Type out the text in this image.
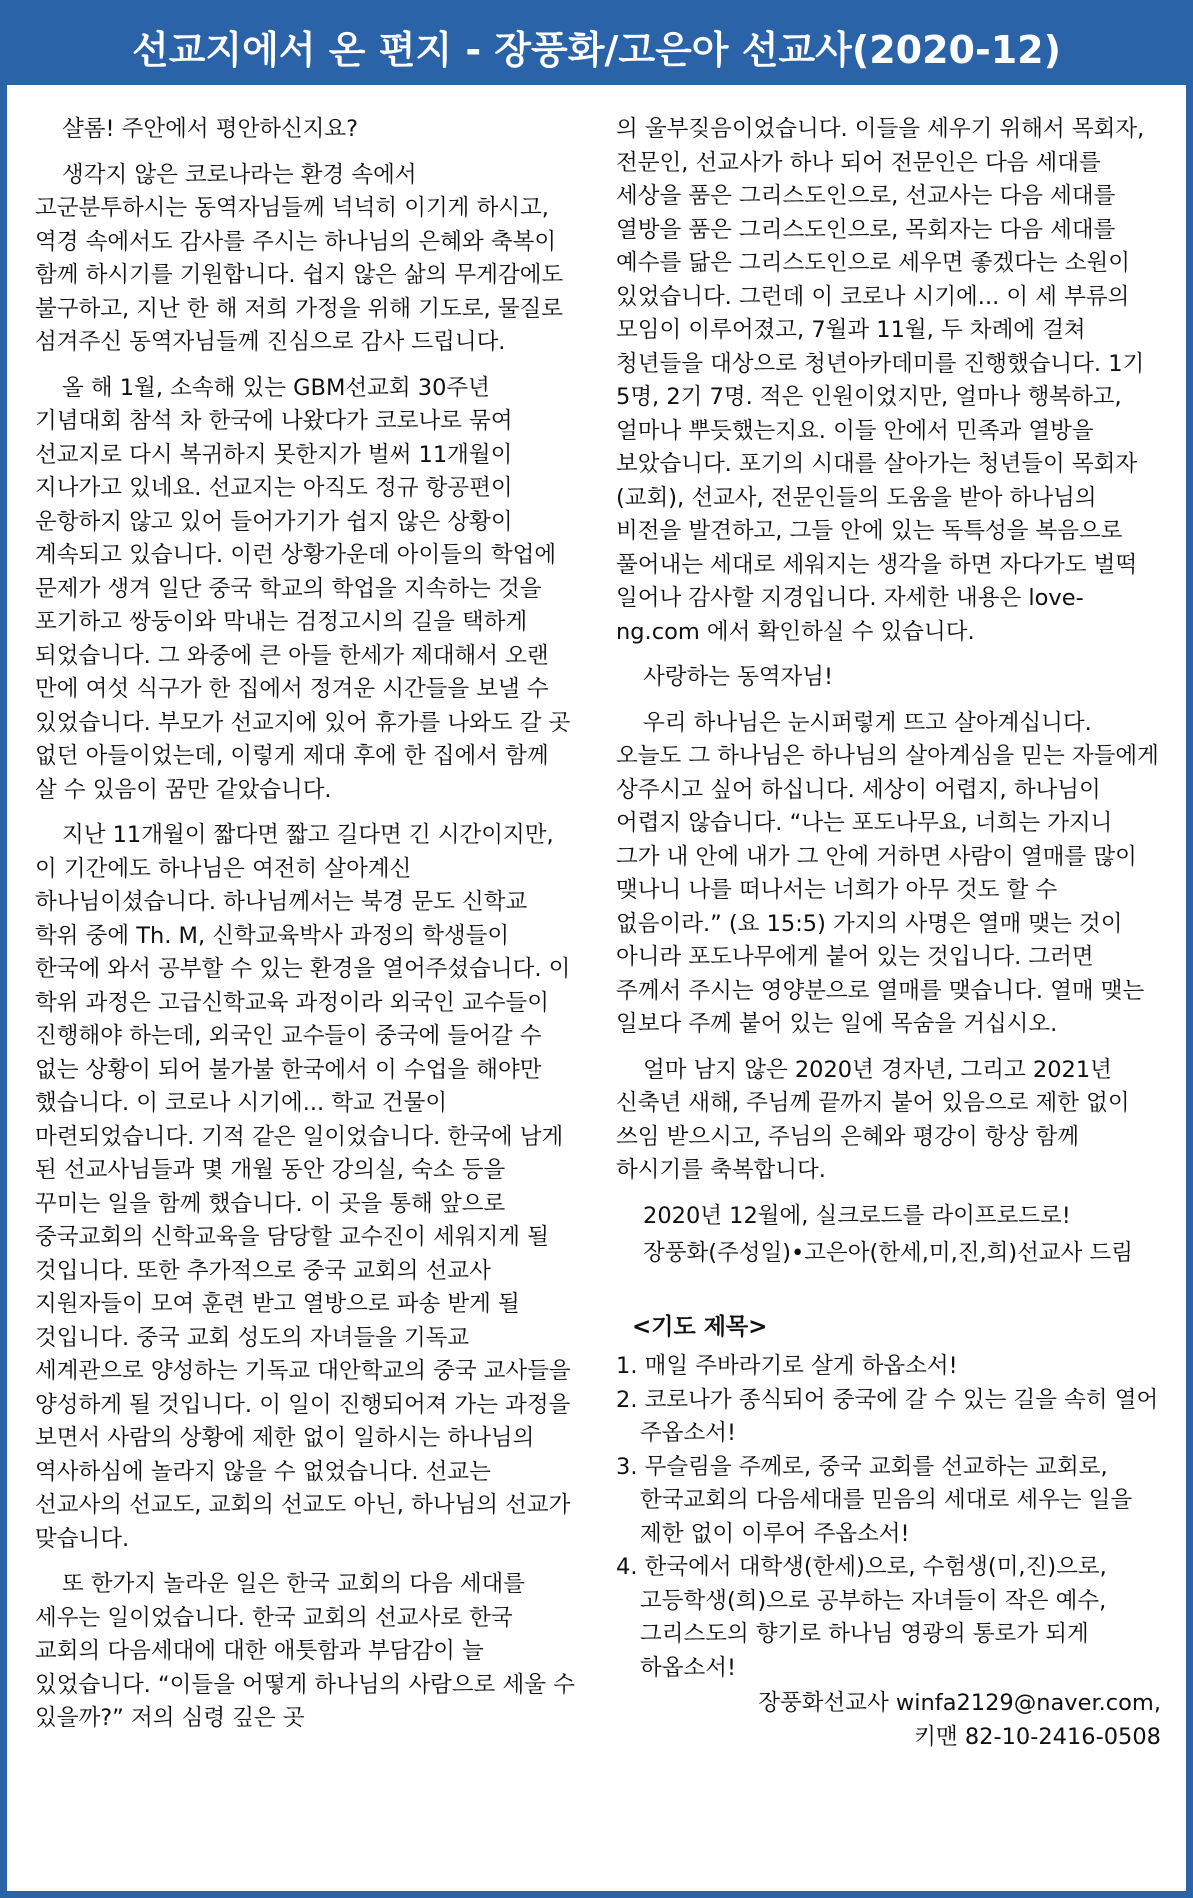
선교지에서 온 편지 - 장풍화/고은아 선교사(2020-12)

샬롬! 주안에서 평안하신지요?

생각지 않은 코로나라는 환경 속에서 고군분투하시는 동역자님들께 넉넉히 이기게 하시고, 역경 속에서도 감사를 주시는 하나님의 은혜와 축복이 함께 하시기를 기원합니다. 쉽지 않은 삶의 무게감에도 불구하고, 지난 한 해 저희 가정을 위해 기도로, 물질로 섬겨주신 동역자님들께 진심으로 감사 드립니다.

올 해 1월, 소속해 있는 GBM선교회 30주년 기념대회 참석 차 한국에 나왔다가 코로나로 묶여 선교지로 다시 복귀하지 못한지가 벌써 11개월이 지나가고 있네요. 선교지는 아직도 정규 항공편이 운항하지 않고 있어 들어가기가 쉽지 않은 상황이 계속되고 있습니다. 이런 상황가운데 아이들의 학업에 문제가 생겨 일단 중국 학교의 학업을 지속하는 것을 포기하고 쌍둥이와 막내는 검정고시의 길을 택하게 되었습니다. 그 와중에 큰 아들 한세가 제대해서 오랜 만에 여섯 식구가 한 집에서 정겨운 시간들을 보낼 수 있었습니다. 부모가 선교지에 있어 휴가를 나와도 갈 곳 없던 아들이었는데, 이렇게 제대 후에 한 집에서 함께 살 수 있음이 꿈만 같았습니다.

지난 11개월이 짧다면 짧고 길다면 긴 시간이지만, 이 기간에도 하나님은 여전히 살아계신 하나님이셨습니다. 하나님께서는 북경 문도 신학교 학위 중에 Th. M, 신학교육박사 과정의 학생들이 한국에 와서 공부할 수 있는 환경을 열어주셨습니다. 이 학위 과정은 고급신학교육 과정이라 외국인 교수들이 진행해야 하는데, 외국인 교수들이 중국에 들어갈 수 없는 상황이 되어 불가불 한국에서 이 수업을 해야만 했습니다. 이 코로나 시기에... 학교 건물이 마련되었습니다. 기적 같은 일이었습니다. 한국에 남게 된 선교사님들과 몇 개월 동안 강의실, 숙소 등을 꾸미는 일을 함께 했습니다. 이 곳을 통해 앞으로 중국교회의 신학교육을 담당할 교수진이 세워지게 될 것입니다. 또한 추가적으로 중국 교회의 선교사 지원자들이 모여 훈련 받고 열방으로 파송 받게 될 것입니다. 중국 교회 성도의 자녀들을 기독교 세계관으로 양성하는 기독교 대안학교의 중국 교사들을 양성하게 될 것입니다. 이 일이 진행되어져 가는 과정을 보면서 사람의 상황에 제한 없이 일하시는 하나님의 역사하심에 놀라지 않을 수 없었습니다. 선교는 선교사의 선교도, 교회의 선교도 아닌, 하나님의 선교가 맞습니다.

또 한가지 놀라운 일은 한국 교회의 다음 세대를 세우는 일이었습니다. 한국 교회의 선교사로 한국 교회의 다음세대에 대한 애틋함과 부담감이 늘 있었습니다. “이들을 어떻게 하나님의 사람으로 세울 수 있을까?” 저의 심령 깊은 곳

의 울부짖음이었습니다. 이들을 세우기 위해서 목회자, 전문인, 선교사가 하나 되어 전문인은 다음 세대를 세상을 품은 그리스도인으로, 선교사는 다음 세대를 열방을 품은 그리스도인으로, 목회자는 다음 세대를 예수를 닮은 그리스도인으로 세우면 좋겠다는 소원이 있었습니다. 그런데 이 코로나 시기에... 이 세 부류의 모임이 이루어졌고, 7월과 11월, 두 차례에 걸쳐 청년들을 대상으로 청년아카데미를 진행했습니다. 1기 5명, 2기 7명. 적은 인원이었지만, 얼마나 행복하고, 얼마나 뿌듯했는지요. 이들 안에서 민족과 열방을 보았습니다. 포기의 시대를 살아가는 청년들이 목회자(교회), 선교사, 전문인들의 도움을 받아 하나님의 비전을 발견하고, 그들 안에 있는 독특성을 복음으로 풀어내는 세대로 세워지는 생각을 하면 자다가도 벌떡 일어나 감사할 지경입니다. 자세한 내용은 love-ng.com 에서 확인하실 수 있습니다.

사랑하는 동역자님!

우리 하나님은 눈시퍼렇게 뜨고 살아계십니다. 오늘도 그 하나님은 하나님의 살아계심을 믿는 자들에게 상주시고 싶어 하십니다. 세상이 어렵지, 하나님이 어렵지 않습니다. “나는 포도나무요, 너희는 가지니 그가 내 안에 내가 그 안에 거하면 사람이 열매를 많이 맺나니 나를 떠나서는 너희가 아무 것도 할 수 없음이라.” (요 15:5) 가지의 사명은 열매 맺는 것이 아니라 포도나무에게 붙어 있는 것입니다. 그러면 주께서 주시는 영양분으로 열매를 맺습니다. 열매 맺는 일보다 주께 붙어 있는 일에 목숨을 거십시오.

얼마 남지 않은 2020년 경자년, 그리고 2021년 신축년 새해, 주님께 끝까지 붙어 있음으로 제한 없이 쓰임 받으시고, 주님의 은혜와 평강이 항상 함께 하시기를 축복합니다.

2020년 12월에, 실크로드를 라이프로드로!

장풍화(주성일)•고은아(한세,미,진,희)선교사 드림

<기도 제목>
1. 매일 주바라기로 살게 하옵소서!
2. 코로나가 종식되어 중국에 갈 수 있는 길을 속히 열어 주옵소서!
3. 무슬림을 주께로, 중국 교회를 선교하는 교회로, 한국교회의 다음세대를 믿음의 세대로 세우는 일을 제한 없이 이루어 주옵소서!
4. 한국에서 대학생(한세)으로, 수험생(미,진)으로, 고등학생(희)으로 공부하는 자녀들이 작은 예수, 그리스도의 향기로 하나님 영광의 통로가 되게 하옵소서!
장풍화선교사 winfa2129@naver.com,
키맨 82-10-2416-0508
